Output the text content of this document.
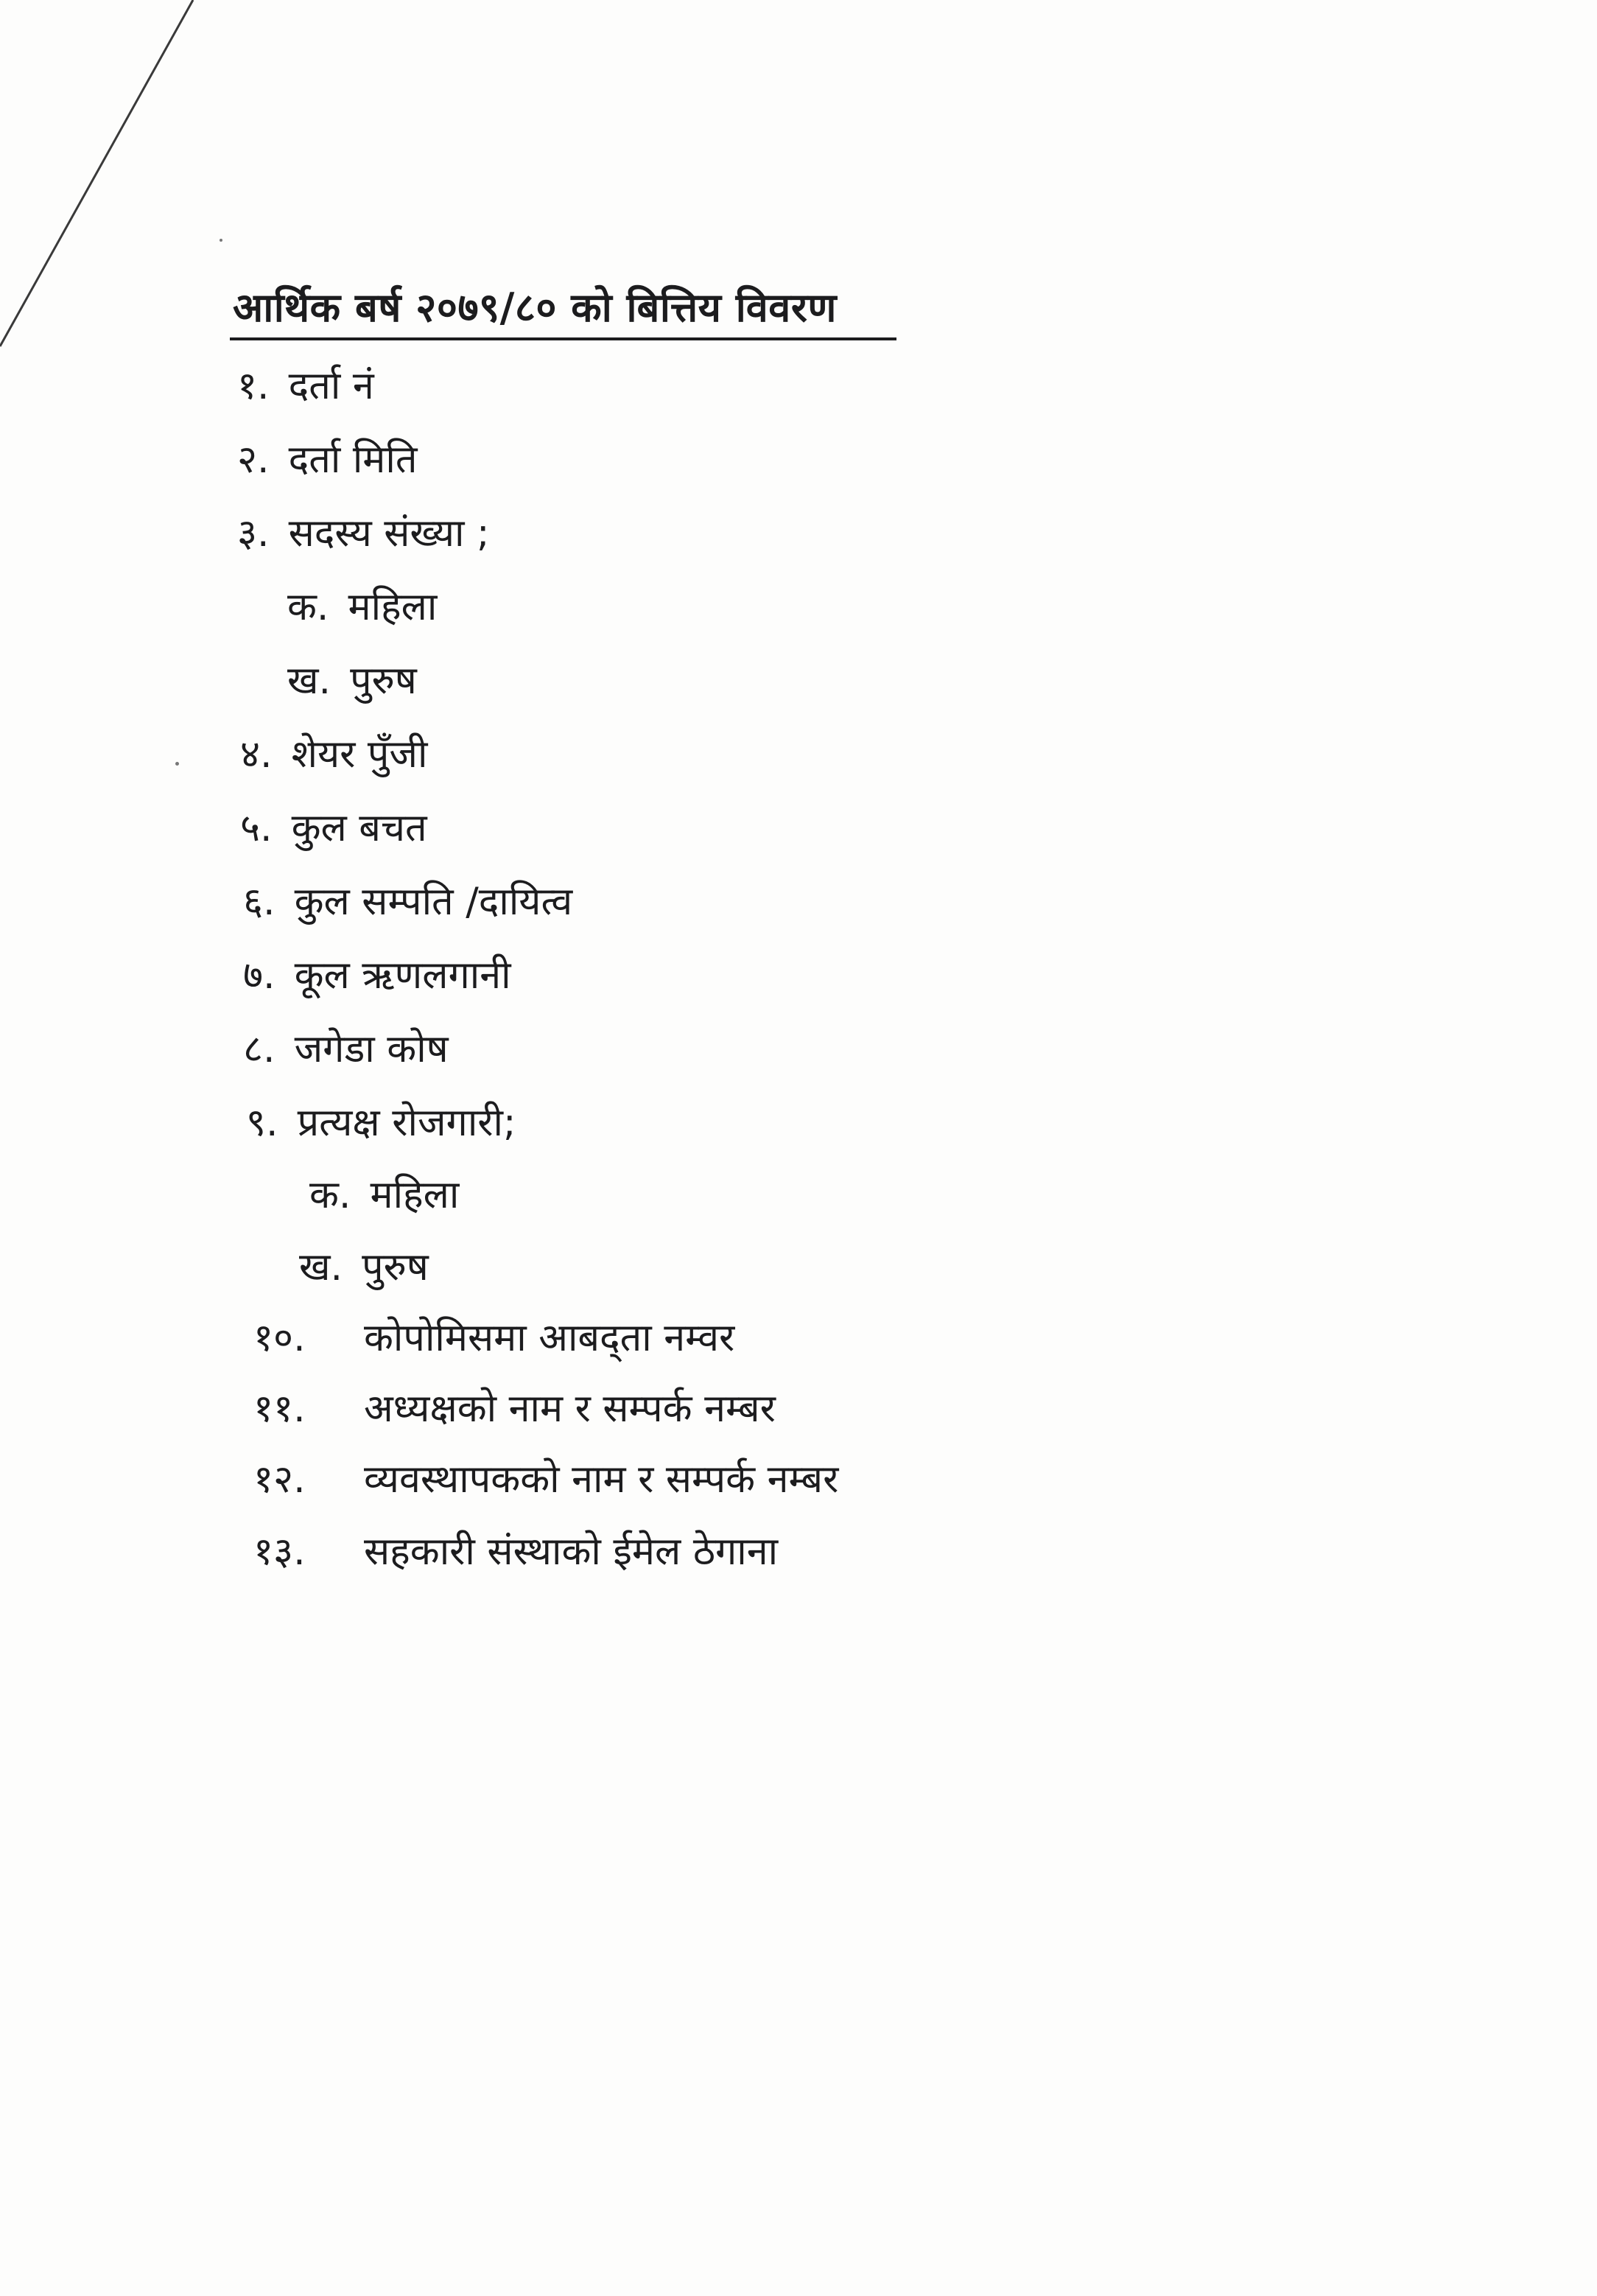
आर्थिक बर्ष २०७९/८० को बित्तिय विवरण
१. दर्ता नं
२. दर्ता मिति
३. सदस्य संख्या ;
क. महिला
ख. पुरुष
४. शेयर पुँजी
५. कुल बचत
६. कुल सम्पति /दायित्व
७. कूल ऋणलगानी
८. जगेडा कोष
९. प्रत्यक्ष रोजगारी;
क. महिला
ख. पुरुष
१०. कोपोमिसमा आबद्ता नम्वर
११. अध्यक्षको नाम र सम्पर्क नम्बर
१२. व्यवस्थापकको नाम र सम्पर्क नम्बर
१३. सहकारी संस्थाको ईमेल ठेगाना
